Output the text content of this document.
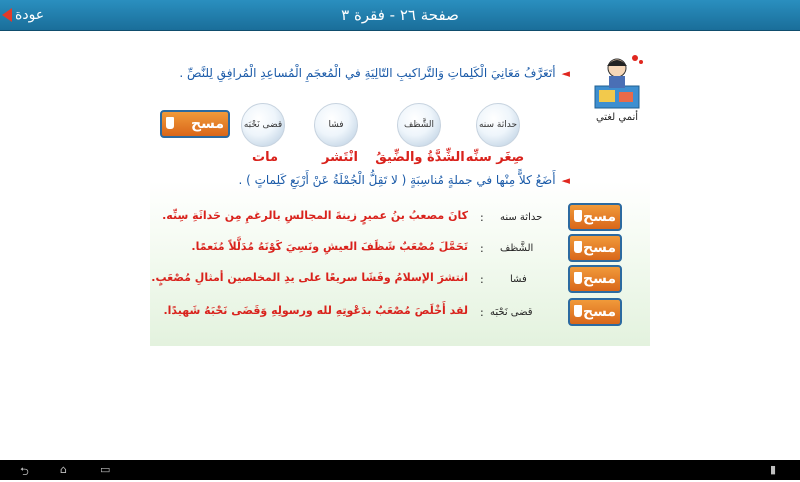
عودة	صفحة ٢٦ - فقرة ٣
أنمي لغتي
◄أتَعَرَّفُ مَعَانِيَ الْكَلِماتِ وَالتَّراكيبِ التّالِيَةِ في الْمُعجَمِ الْمُساعِدِ الْمُرافِقِ لِلنَّصِّ .
مسح	حداثة سنه
الشَّظف
فشا
قضى نَحْبَه
صِغَر سنِّه
الشِّدَّةُ والضِّيقُ
انْتَشر
مات
◄أَضَعُ كلاًّ مِنْها في جملةٍ مُناسِبَةٍ ( لا تَقِلُّ الْجُمْلَةُ عَنْ أَرْبَعِ كَلِماتٍ ) .
مسح
حداثة سنه
:
كانَ مصعبُ بنُ عميرٍ زينةَ المجالسِ بالرغمِ مِن حَداثَةِ سِنِّه.
مسح
الشَّظف
:
تَحَمَّلَ مُصْعَبٌ شَظَفَ العيشِ ونَسِيَ كَوْنَهُ مُدَلَّلاً مُنَعمًا.
مسح
فشا
:
انتشرَ الإسلامُ وفَشَا سريعًا على يدِ المخلصين أمثالِ مُصْعَبٍ.
مسح
قضى نَحْبَه
:
لقد أَخْلَصَ مُصْعَبٌ بدَعْوتِهِ لله ورسولِهِ وَقَضَى نَحْبَهُ شَهيدًا.
⮌	⌂	▭	▮
